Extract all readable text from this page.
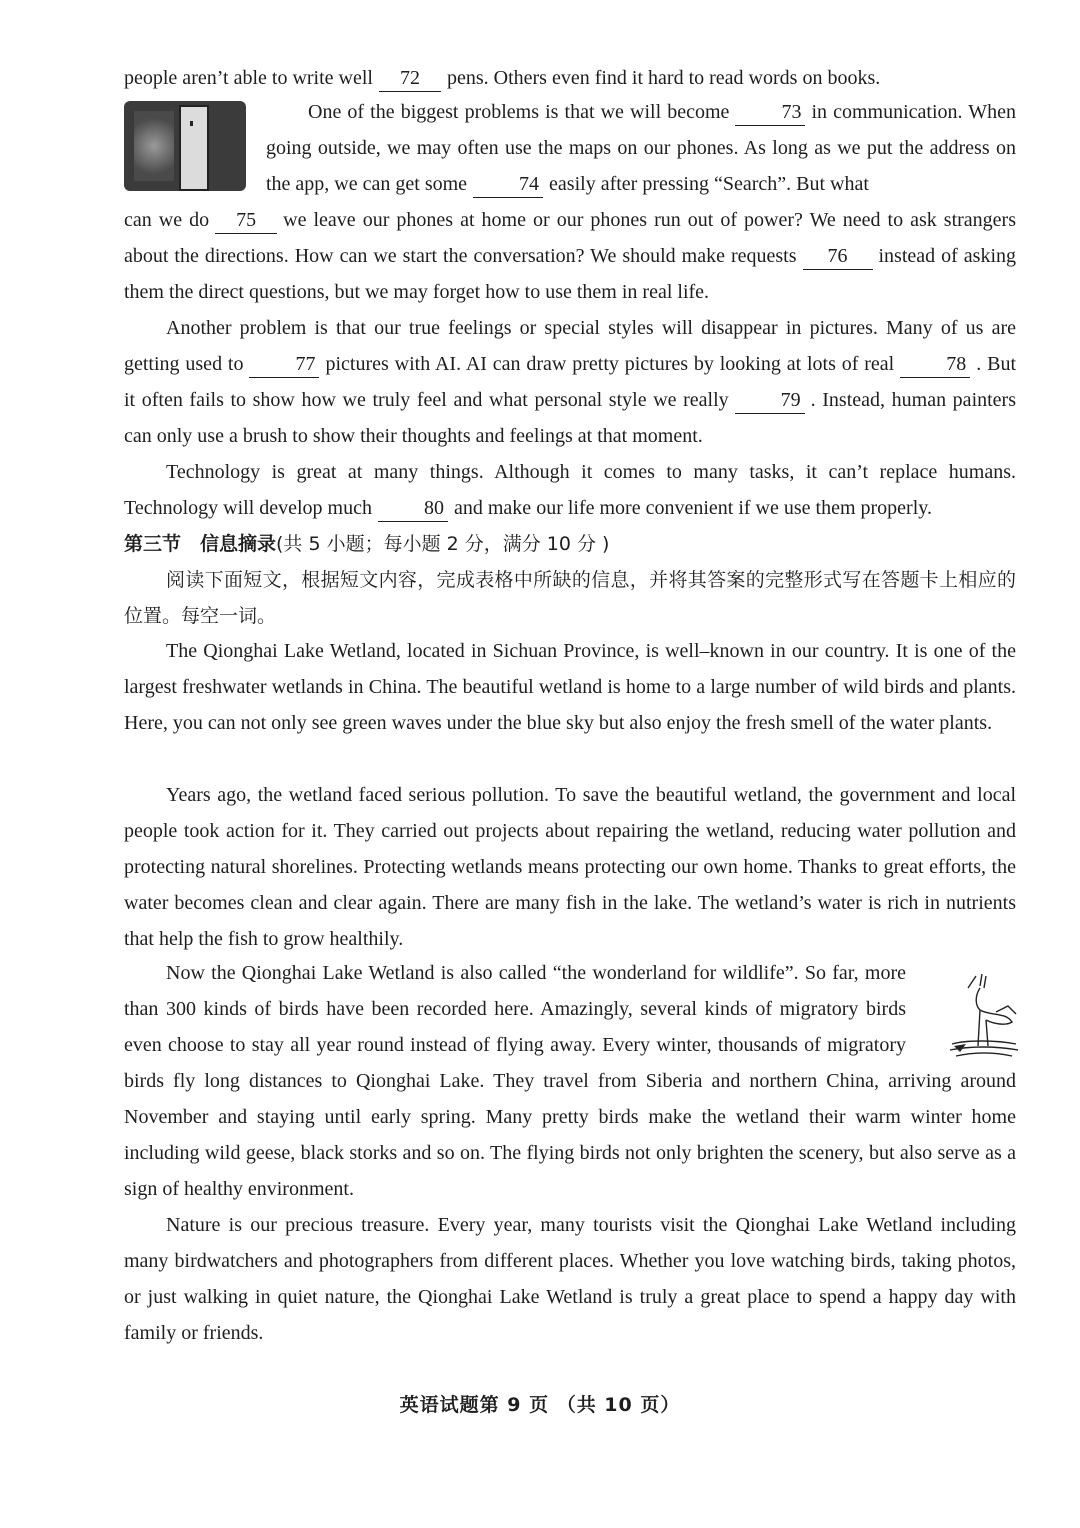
people aren’t able to write well 72 pens. Others even find it hard to read words on books.

One of the biggest problems is that we will become	73 in communication. When going outside, we may often use the maps on our phones. As long as we put the address on the app, we can get some	74 easily after pressing “Search”. But what

can we do 75 we leave our phones at home or our phones run out of power? We need to ask strangers about the directions. How can we start the conversation? We should make requests 76 instead of asking them the direct questions, but we may forget how to use them in real life.

Another problem is that our true feelings or special styles will disappear in pictures. Many of us are getting used to	77 pictures with AI. AI can draw pretty pictures by looking at lots of real	78 . But it often fails to show how we truly feel and what personal style we really	79 . Instead, human painters can only use a brush to show their thoughts and feelings at that moment.

Technology is great at many things. Although it comes to many tasks, it can’t replace humans. Technology will develop much	80 and make our life more convenient if we use them properly.

第三节　信息摘录(共 5 小题；每小题 2 分，满分 10 分 )

阅读下面短文，根据短文内容，完成表格中所缺的信息，并将其答案的完整形式写在答题卡上相应的位置。每空一词。

The Qionghai Lake Wetland, located in Sichuan Province, is well–known in our country. It is one of the largest freshwater wetlands in China. The beautiful wetland is home to a large number of wild birds and plants. Here, you can not only see green waves under the blue sky but also enjoy the fresh smell of the water plants.

Years ago, the wetland faced serious pollution. To save the beautiful wetland, the government and local people took action for it. They carried out projects about repairing the wetland, reducing water pollution and protecting natural shorelines. Protecting wetlands means protecting our own home. Thanks to great efforts, the water becomes clean and clear again. There are many fish in the lake. The wetland’s water is rich in nutrients that help the fish to grow healthily.

Now the Qionghai Lake Wetland is also called “the wonderland for wildlife”. So far, more than 300 kinds of birds have been recorded here. Amazingly, several kinds of migratory birds even choose to stay all year round instead of flying away. Every winter, thousands of migratory birds fly long distances to Qionghai Lake. They travel from Siberia and northern China, arriving around November and staying until early spring. Many pretty birds make the wetland their warm winter home including wild geese, black storks and so on. The flying birds not only brighten the scenery, but also serve as a sign of healthy environment.

Nature is our precious treasure. Every year, many tourists visit the Qionghai Lake Wetland including many birdwatchers and photographers from different places. Whether you love watching birds, taking photos, or just walking in quiet nature, the Qionghai Lake Wetland is truly a great place to spend a happy day with family or friends.

英语试题第 9 页 （共 10 页）
